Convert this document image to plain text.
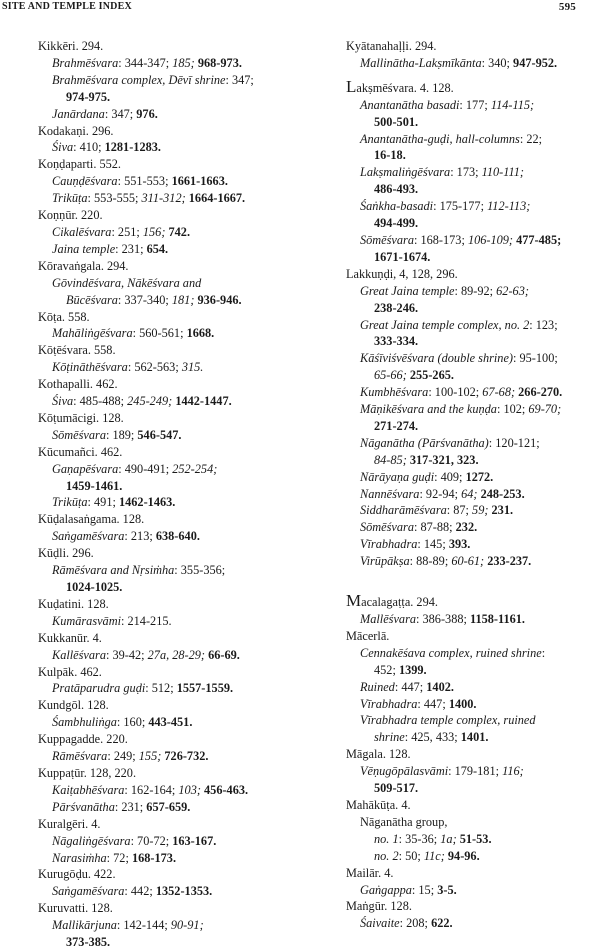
SITE AND TEMPLE INDEX	595
Kikkēri. 294.
Brahmēśvara: 344-347; 185; 968-973.
Brahmēśvara complex, Dēvī shrine: 347;
974-975.
Janārdana: 347; 976.
Kodakaṇi. 296.
Śiva: 410; 1281-1283.
Koṇḍaparti. 552.
Cauṇḍēśvara: 551-553; 1661-1663.
Trikūṭa: 553-555; 311-312; 1664-1667.
Koṇṇūr. 220.
Cikalēśvara: 251; 156; 742.
Jaina temple: 231; 654.
Kōravaṅgala. 294.
Gōvindēśvara, Nākēśvara and
Būcēśvara: 337-340; 181; 936-946.
Kōṭa. 558.
Mahāliṅgēśvara: 560-561; 1668.
Kōṭēśvara. 558.
Kōṭināthēśvara: 562-563; 315.
Kothapalli. 462.
Śiva: 485-488; 245-249; 1442-1447.
Kōṭumācigi. 128.
Sōmēśvara: 189; 546-547.
Kūcumañci. 462.
Gaṇapēśvara: 490-491; 252-254;
1459-1461.
Trikūṭa: 491; 1462-1463.
Kūḍalasaṅgama. 128.
Saṅgamēśvara: 213; 638-640.
Kūḍli. 296.
Rāmēśvara and Nṛsiṁha: 355-356;
1024-1025.
Kuḍatini. 128.
Kumārasvāmi: 214-215.
Kukkanūr. 4.
Kallēśvara: 39-42; 27a, 28-29; 66-69.
Kulpāk. 462.
Pratāparudra guḍi: 512; 1557-1559.
Kundgōl. 128.
Śambhuliṅga: 160; 443-451.
Kuppagadde. 220.
Rāmēśvara: 249; 155; 726-732.
Kuppaṭūr. 128, 220.
Kaiṭabhēśvara: 162-164; 103; 456-463.
Pārśvanātha: 231; 657-659.
Kuralgēri. 4.
Nāgaliṅgēśvara: 70-72; 163-167.
Narasiṁha: 72; 168-173.
Kurugōḍu. 422.
Saṅgamēśvara: 442; 1352-1353.
Kuruvatti. 128.
Mallikārjuna: 142-144; 90-91;
373-385.
Kyātanahaḷḷi. 294.
Mallinātha-Lakṣmīkānta: 340; 947-952.
Lakṣmēśvara. 4. 128.
Anantanātha basadi: 177; 114-115;
500-501.
Anantanātha-guḍi, hall-columns: 22;
16-18.
Lakṣmaliṅgēśvara: 173; 110-111;
486-493.
Śaṅkha-basadi: 175-177; 112-113;
494-499.
Sōmēśvara: 168-173; 106-109; 477-485;
1671-1674.
Lakkuṇḍi, 4, 128, 296.
Great Jaina temple: 89-92; 62-63;
238-246.
Great Jaina temple complex, no. 2: 123;
333-334.
Kāśīviśvēśvara (double shrine): 95-100;
65-66; 255-265.
Kumbhēśvara: 100-102; 67-68; 266-270.
Māṇikēśvara and the kuṇḍa: 102; 69-70;
271-274.
Nāganātha (Pārśvanātha): 120-121;
84-85; 317-321, 323.
Nārāyaṇa guḍi: 409; 1272.
Nannēśvara: 92-94; 64; 248-253.
Siddharāmēśvara: 87; 59; 231.
Sōmēśvara: 87-88; 232.
Vīrabhadra: 145; 393.
Virūpākṣa: 88-89; 60-61; 233-237.
Macalagaṭṭa. 294.
Mallēśvara: 386-388; 1158-1161.
Mācerlā.
Cennakēśava complex, ruined shrine:
452; 1399.
Ruined: 447; 1402.
Vīrabhadra: 447; 1400.
Vīrabhadra temple complex, ruined
shrine: 425, 433; 1401.
Māgala. 128.
Vēṇugōpālasvāmi: 179-181; 116;
509-517.
Mahākūṭa. 4.
Nāganātha group,
no. 1: 35-36; 1a; 51-53.
no. 2: 50; 11c; 94-96.
Mailār. 4.
Gaṅgappa: 15; 3-5.
Maṅgūr. 128.
Śaivaite: 208; 622.
